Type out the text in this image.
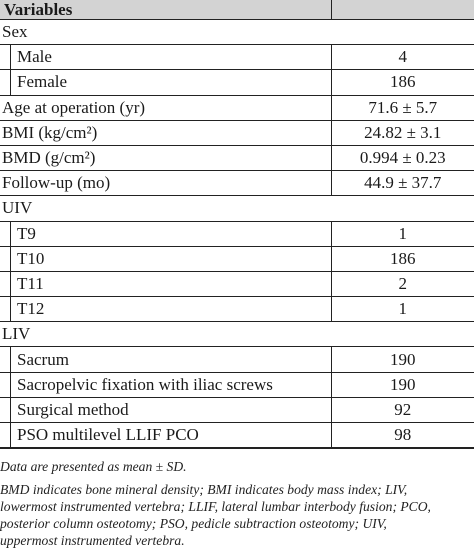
Variables	
Sex	
Male	4
Female	186
Age at operation (yr)	71.6 ± 5.7
BMI (kg/cm²)	24.82 ± 3.1
BMD (g/cm²)	0.994 ± 0.23
Follow-up (mo)	44.9 ± 37.7
UIV	
T9	1
T10	186
T11	2
T12	1
LIV	
Sacrum	190
Sacropelvic fixation with iliac screws	190
Surgical method	92
PSO multilevel LLIF PCO	98

Data are presented as mean ± SD.

BMD indicates bone mineral density; BMI indicates body mass index; LIV,
lowermost instrumented vertebra; LLIF, lateral lumbar interbody fusion; PCO,
posterior column osteotomy; PSO, pedicle subtraction osteotomy; UIV,
uppermost instrumented vertebra.
